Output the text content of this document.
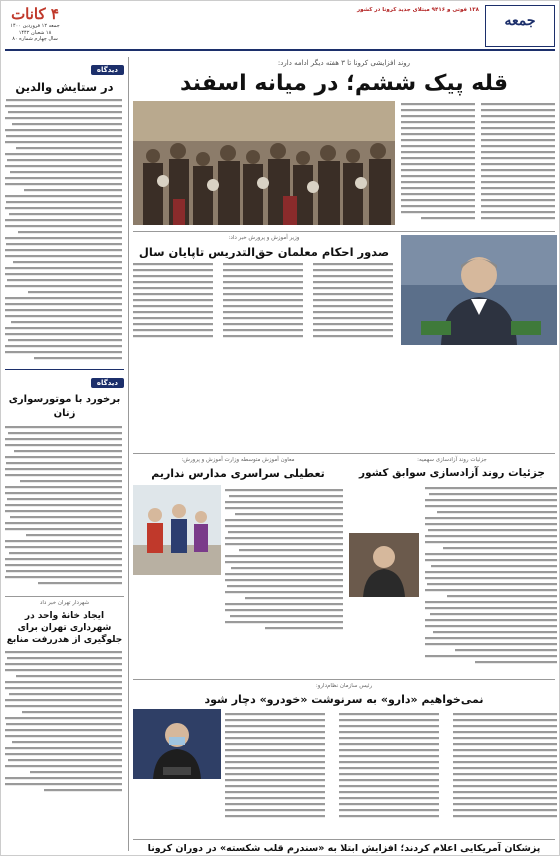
جمعه
۱۳۸ فوتی و ۹۴۱۶ مبتلای جدید کرونا در کشور
۴ کانات
جمعه ۱۲ فروردین ۱۴۰۰
۱۸ شعبان ۱۴۴۲
سال چهارم شماره ۸۰
دیدگاه
در ستایش والدین
دیدگاه
برخورد با موتورسواری زنان
شهردار تهران خبر داد
ایجاد خانهٔ واحد در شهرداری تهران برای جلوگیری از هدررفت منابع
روند افزایشی کرونا تا ۳ هفته دیگر ادامه دارد:
قله پیک ششم؛ در میانه اسفند
وزیر آموزش و پرورش خبر داد:
صدور احکام معلمان حق‌التدریس تاپایان سال
معاون آموزش متوسطه وزارت آموزش و پرورش:
تعطیلی سراسری مدارس نداریم
جزئیات روند آزادسازی سهمیه:
جزئیات روند آزادسازی سوابق کشور
رئیس سازمان نظام‌دارو:
نمی‌خواهیم «دارو» به سرنوشت «خودرو» دچار شود
پزشکان آمریکایی اعلام کردند؛ افزایش ابتلا به «سندرم قلب شکسته» در دوران کرونا
